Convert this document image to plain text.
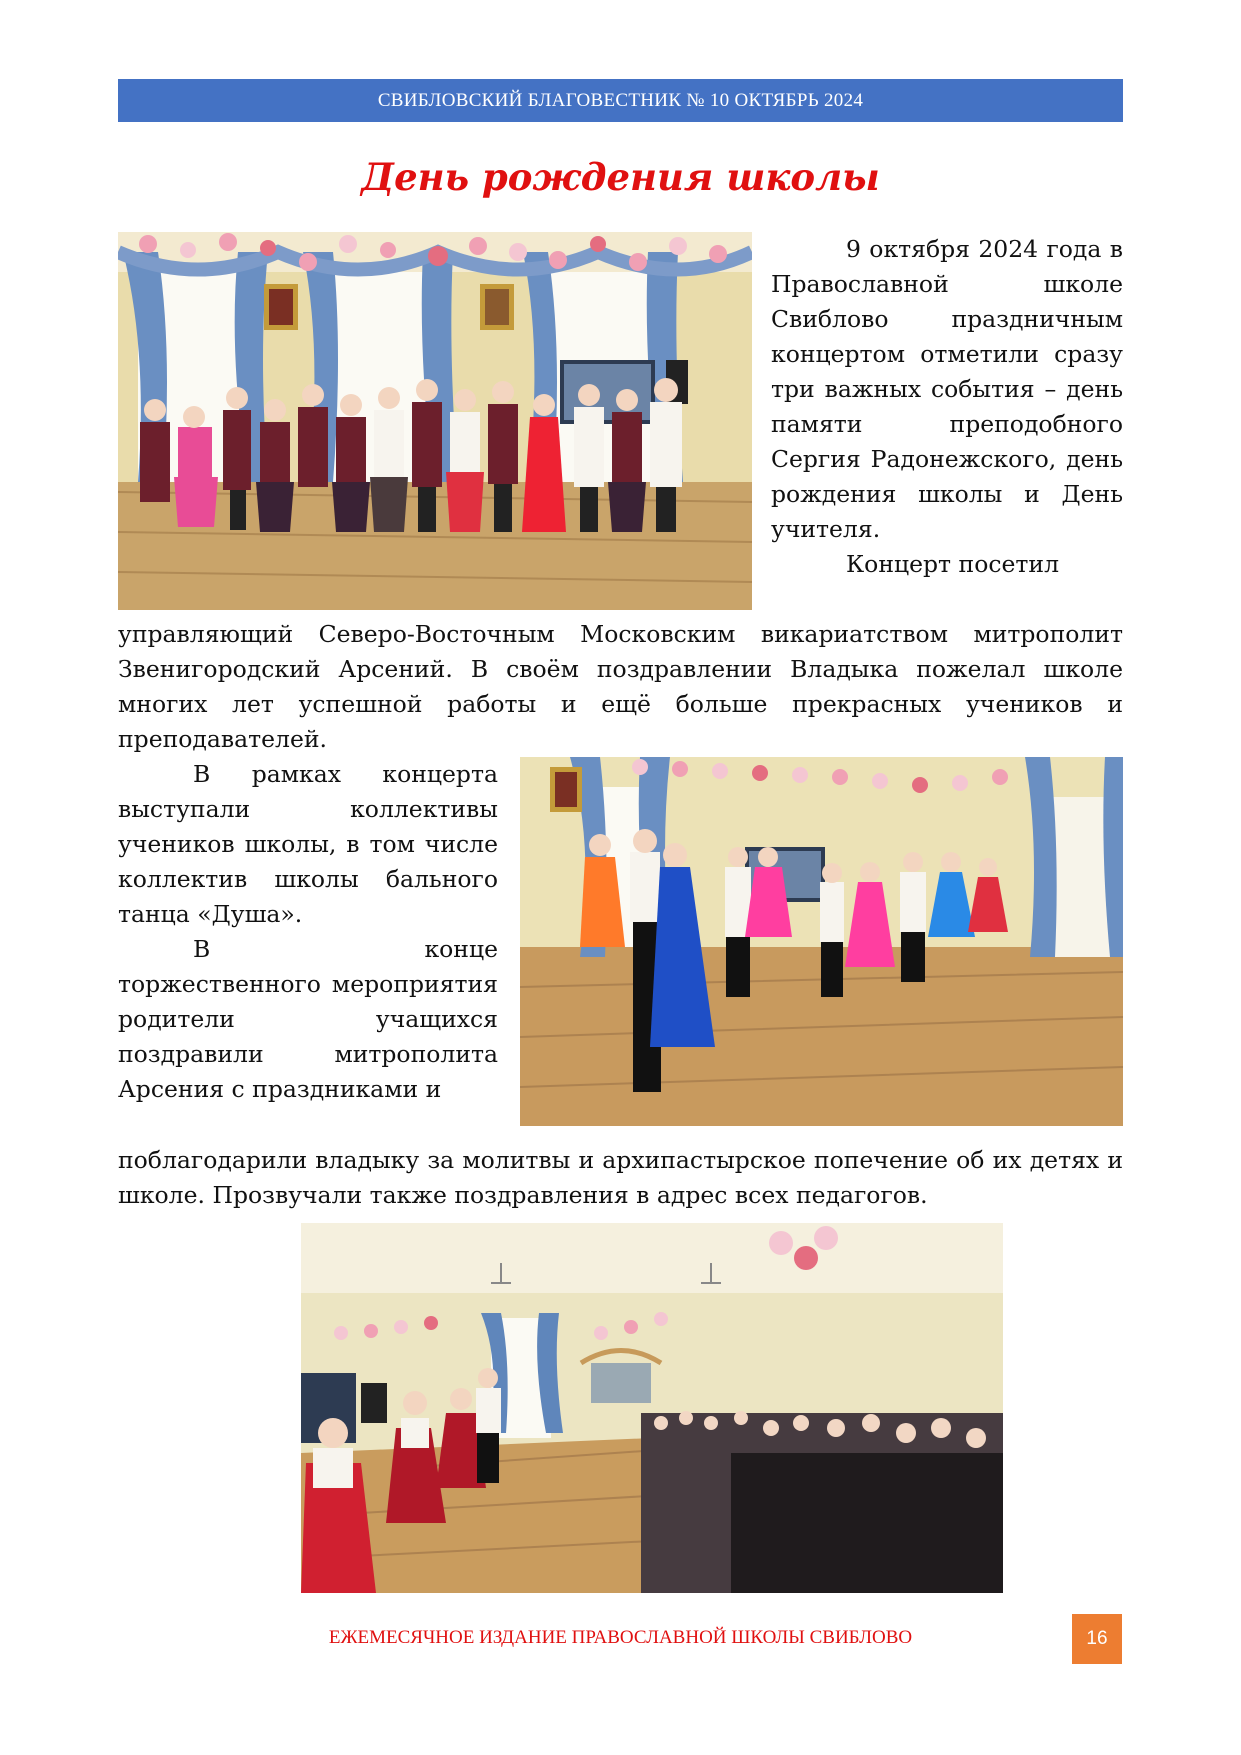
СВИБЛОВСКИЙ БЛАГОВЕСТНИК № 10 ОКТЯБРЬ 2024
День рождения школы

9 октября 2024 года в Православной школе Свиблово праздничным концертом отметили сразу три важных события – день памяти преподобного Сергия Радонежского, день рождения школы и День учителя.

Концерт посетил

управляющий Северо-Восточным Московским викариатством митрополит Звенигородский Арсений. В своём поздравлении Владыка пожелал школе многих лет успешной работы и ещё больше прекрасных учеников и преподавателей.

В рамках концерта выступали коллективы учеников школы, в том числе коллектив школы бального танца «Душа».

В конце торжественного мероприятия родители учащихся поздравили митрополита Арсения с праздниками и

поблагодарили владыку за молитвы и архипастырское попечение об их детях и школе. Прозвучали также поздравления в адрес всех педагогов.
ЕЖЕМЕСЯЧНОЕ ИЗДАНИЕ ПРАВОСЛАВНОЙ ШКОЛЫ СВИБЛОВО	16
